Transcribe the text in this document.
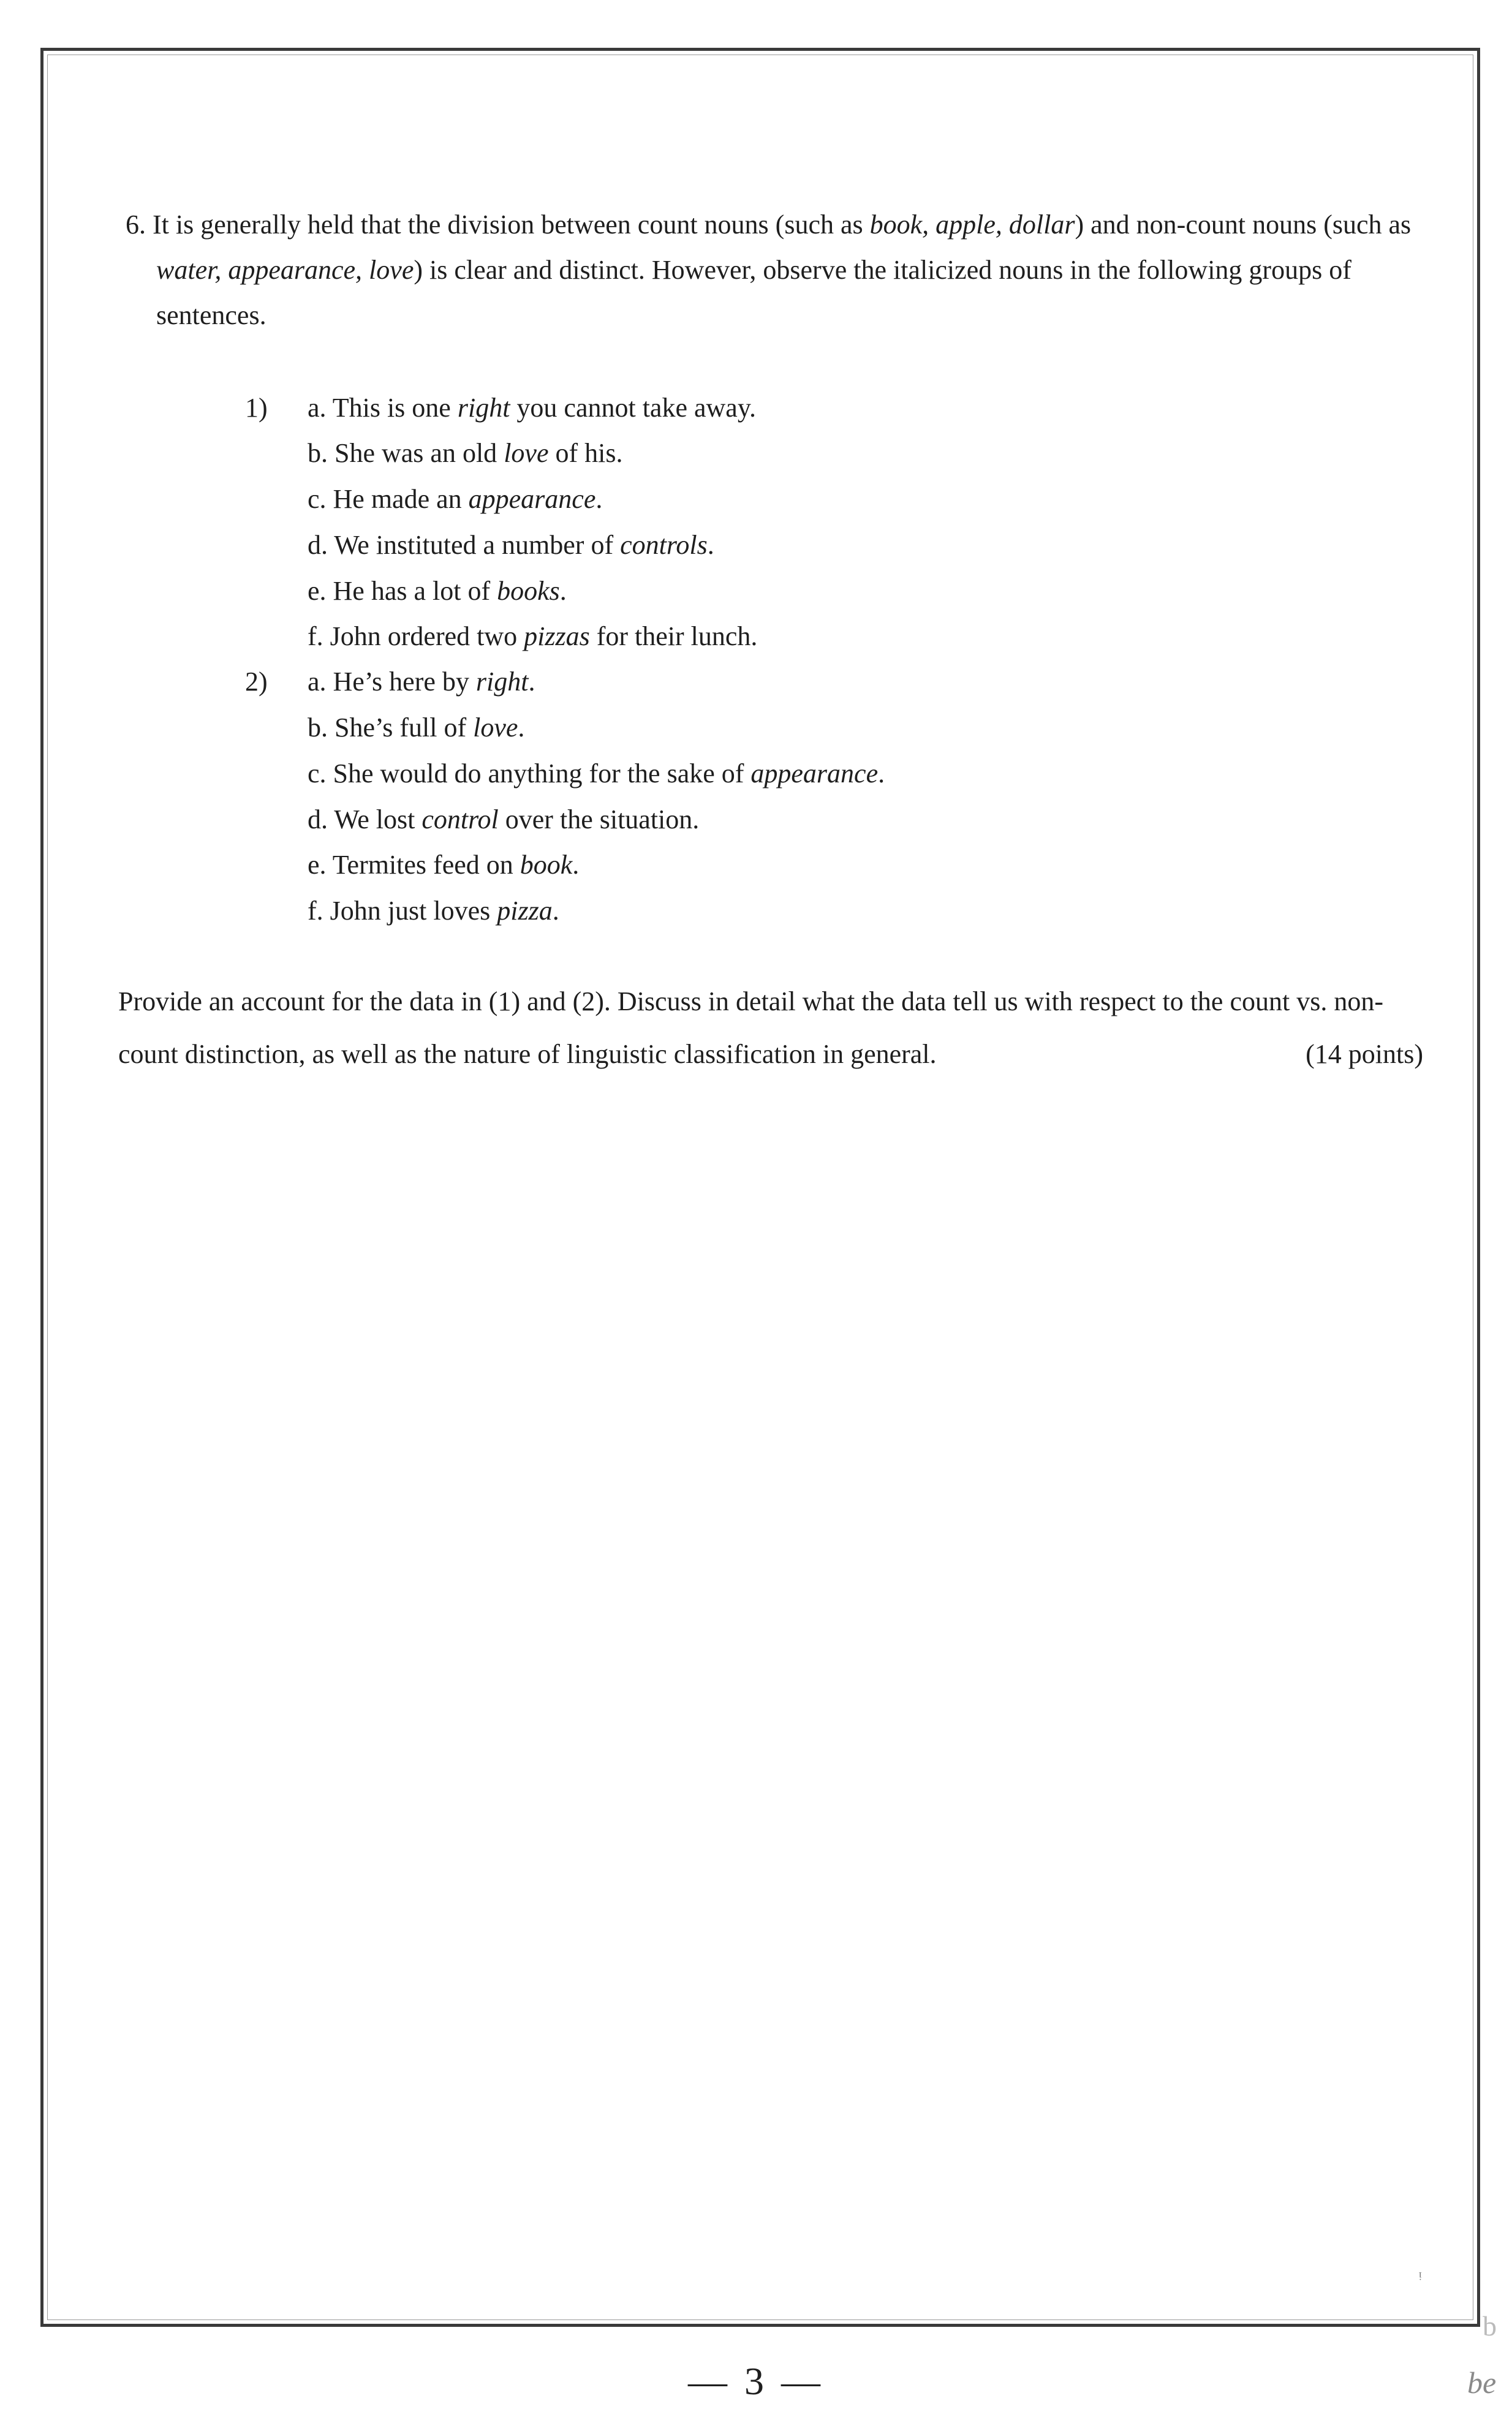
6. It is generally held that the division between count nouns (such as book, apple, dollar) and non-count nouns (such as water, appearance, love) is clear and distinct. However, observe the italicized nouns in the following groups of sentences.
1) a. This is one right you cannot take away.
b. She was an old love of his.
c. He made an appearance.
d. We instituted a number of controls.
e. He has a lot of books.
f. John ordered two pizzas for their lunch.
2) a. He’s here by right.
b. She’s full of love.
c. She would do anything for the sake of appearance.
d. We lost control over the situation.
e. Termites feed on book.
f. John just loves pizza.
Provide an account for the data in (1) and (2). Discuss in detail what the data tell us with respect to the count vs. non-count distinction, as well as the nature of linguistic classification in general.	(14 points)
ᵎ
b
be
— 3 —
